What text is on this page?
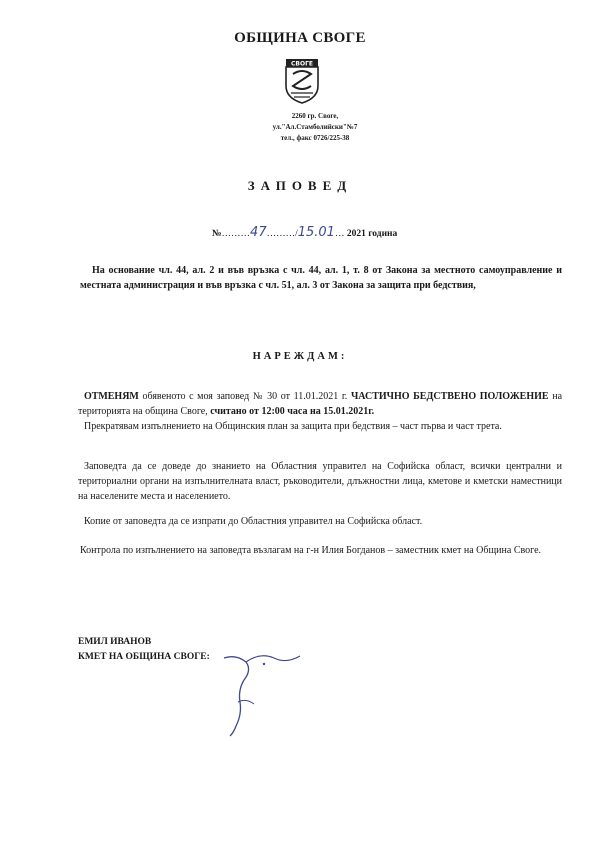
ОБЩИНА СВОГЕ
СВОГЕ
2260 гр. Своге,
ул."Ал.Стамболийски"№7
тел., факс 0726/225-38
ЗАПОВЕД
№………47………/15.01… 2021 година

На основание чл. 44, ал. 2 и във връзка с чл. 44, ал. 1, т. 8 от Закона за местното самоуправление и местната администрация и във връзка с чл. 51, ал. 3 от Закона за защита при бедствия,

НАРЕЖДАМ:

ОТМЕНЯМ обявеното с моя заповед № 30 от 11.01.2021 г. ЧАСТИЧНО БЕДСТВЕНО ПОЛОЖЕНИЕ на територията на община Своге, считано от 12:00 часа на 15.01.2021г.

Прекратявам изпълнението на Общинския план за защита при бедствия – част първа и част трета.

Заповедта да се доведе до знанието на Областния управител на Софийска област, всички централни и териториални органи на изпълнителната власт, ръководители, длъжностни лица, кметове и кметски наместници на населените места и населението.

Копие от заповедта да се изпрати до Областния управител на Софийска област.

Контрола по изпълнението на заповедта възлагам на г-н Илия Богданов – заместник кмет на Община Своге.

ЕМИЛ ИВАНОВ
КМЕТ НА ОБЩИНА СВОГЕ:
